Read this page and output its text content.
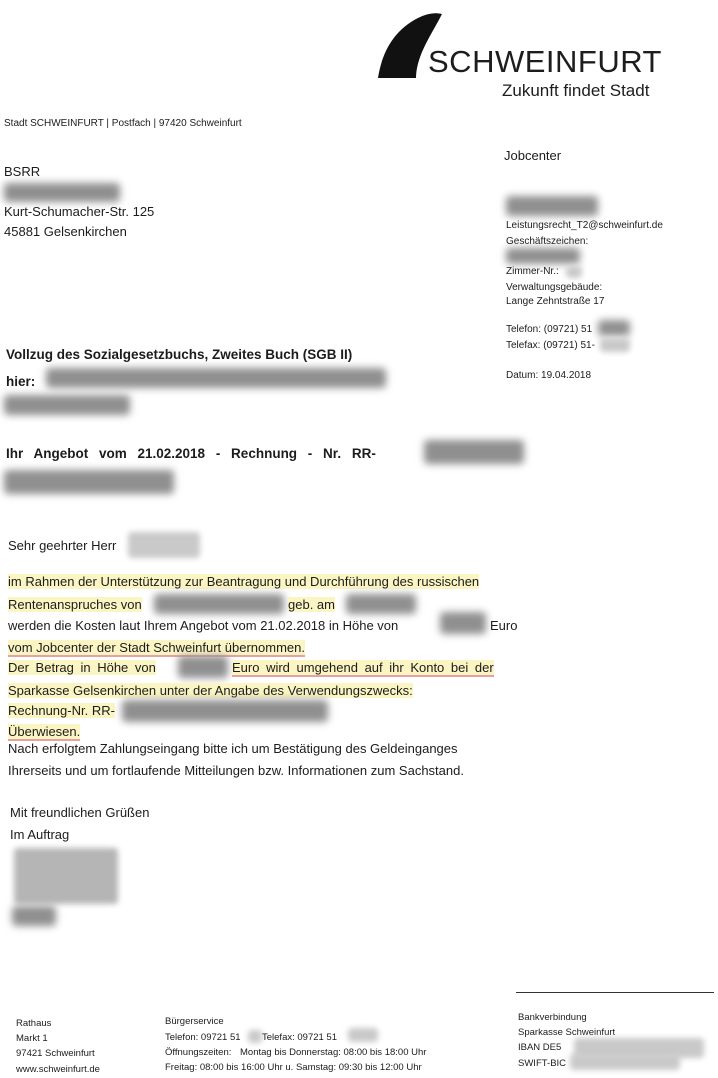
SCHWEINFURT
Zukunft findet Stadt
Stadt SCHWEINFURT | Postfach | 97420 Schweinfurt
BSRR
Kurt-Schumacher-Str. 125
45881 Gelsenkirchen
Jobcenter
Leistungsrecht_T2@schweinfurt.de
Geschäftszeichen:
Zimmer-Nr.:
Verwaltungsgebäude:
Lange Zehntstraße 17
Telefon: (09721) 51
Telefax: (09721) 51-
Datum: 19.04.2018
Vollzug des Sozialgesetzbuchs, Zweites Buch (SGB II)
hier:
Ihr Angebot vom 21.02.2018 - Rechnung - Nr. RR-
Sehr geehrter Herr
im Rahmen der Unterstützung zur Beantragung und Durchführung des russischen
Rentenanspruches von	geb. am
werden die Kosten laut Ihrem Angebot vom 21.02.2018 in Höhe von	Euro
vom Jobcenter der Stadt Schweinfurt übernommen.
Der Betrag in Höhe von	Euro wird umgehend auf ihr Konto bei der
Sparkasse Gelsenkirchen unter der Angabe des Verwendungszwecks:
Rechnung-Nr. RR-
Überwiesen.
Nach erfolgtem Zahlungseingang bitte ich um Bestätigung des Geldeinganges
Ihrerseits und um fortlaufende Mitteilungen bzw. Informationen zum Sachstand.
Mit freundlichen Grüßen
Im Auftrag
Rathaus
Markt 1
97421 Schweinfurt
www.schweinfurt.de
Bürgerservice
Telefon: 09721 51 Telefax: 09721 51
Öffnungszeiten: Montag bis Donnerstag: 08:00 bis 18:00 Uhr
Freitag: 08:00 bis 16:00 Uhr u. Samstag: 09:30 bis 12:00 Uhr
Bankverbindung
Sparkasse Schweinfurt
IBAN DE5
SWIFT-BIC
